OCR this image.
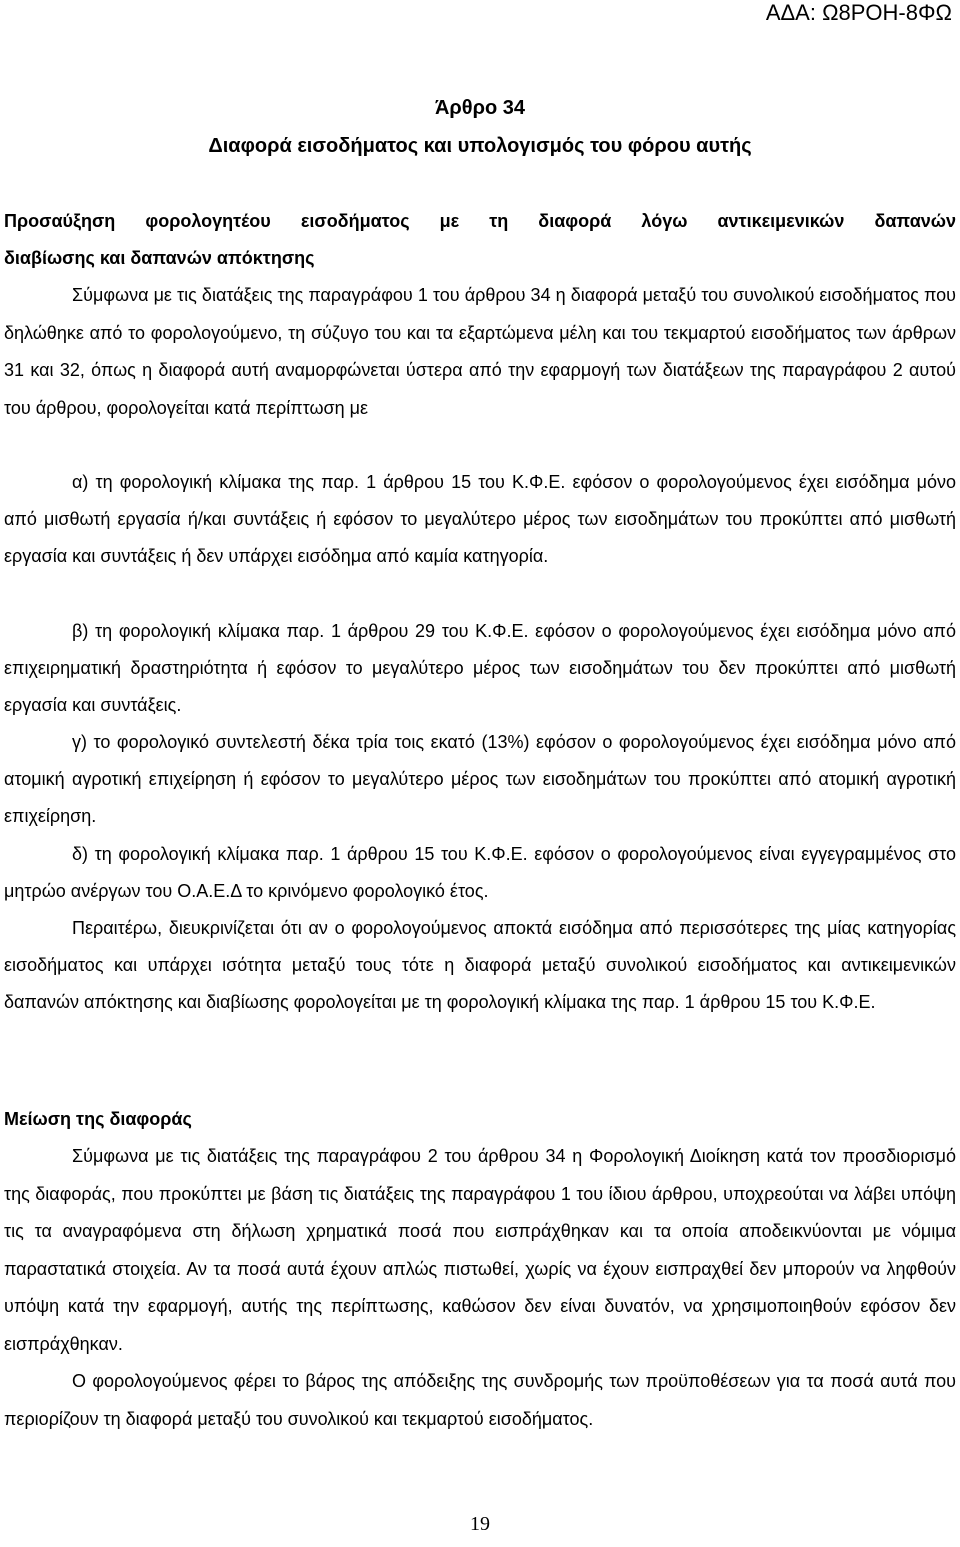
ΑΔΑ: Ω8ΡΟΗ-8ΦΩ
Άρθρο 34
Διαφορά εισοδήματος και υπολογισμός του φόρου αυτής
Προσαύξηση φορολογητέου εισοδήματος με τη διαφορά λόγω αντικειμενικών δαπανών
διαβίωσης και δαπανών απόκτησης

Σύμφωνα με τις διατάξεις της παραγράφου 1 του άρθρου 34 η διαφορά μεταξύ του συνολικού εισοδήματος που δηλώθηκε από το φορολογούμενο, τη σύζυγο του και τα εξαρτώμενα μέλη και του τεκμαρτού εισοδήματος των άρθρων 31 και 32, όπως η διαφορά αυτή αναμορφώνεται ύστερα από την εφαρμογή των διατάξεων της παραγράφου 2 αυτού του άρθρου, φορολογείται κατά περίπτωση με

α) τη φορολογική κλίμακα της παρ. 1 άρθρου 15 του Κ.Φ.Ε. εφόσον ο φορολογούμενος έχει εισόδημα μόνο από μισθωτή εργασία ή/και συντάξεις ή εφόσον το μεγαλύτερο μέρος των εισοδημάτων του προκύπτει από μισθωτή εργασία και συντάξεις ή δεν υπάρχει εισόδημα από καμία κατηγορία.

β) τη φορολογική κλίμακα παρ. 1 άρθρου 29 του Κ.Φ.Ε. εφόσον ο φορολογούμενος έχει εισόδημα μόνο από επιχειρηματική δραστηριότητα ή εφόσον το μεγαλύτερο μέρος των εισοδημάτων του δεν προκύπτει από μισθωτή εργασία και συντάξεις.

γ) το φορολογικό συντελεστή δέκα τρία τοις εκατό (13%) εφόσον ο φορολογούμενος έχει εισόδημα μόνο από ατομική αγροτική επιχείρηση ή εφόσον το μεγαλύτερο μέρος των εισοδημάτων του προκύπτει από ατομική αγροτική επιχείρηση.

δ) τη φορολογική κλίμακα παρ. 1 άρθρου 15 του Κ.Φ.Ε. εφόσον ο φορολογούμενος είναι εγγεγραμμένος στο μητρώο ανέργων του Ο.Α.Ε.Δ το κρινόμενο φορολογικό έτος.

Περαιτέρω, διευκρινίζεται ότι αν ο φορολογούμενος αποκτά εισόδημα από περισσότερες της μίας κατηγορίας εισοδήματος και υπάρχει ισότητα μεταξύ τους τότε η διαφορά μεταξύ συνολικού εισοδήματος και αντικειμενικών δαπανών απόκτησης και διαβίωσης φορολογείται με τη φορολογική κλίμακα της παρ. 1 άρθρου 15 του Κ.Φ.Ε.

Μείωση της διαφοράς

Σύμφωνα με τις διατάξεις της παραγράφου 2 του άρθρου 34 η Φορολογική Διοίκηση κατά τον προσδιορισμό της διαφοράς, που προκύπτει με βάση τις διατάξεις της παραγράφου 1 του ίδιου άρθρου, υποχρεούται να λάβει υπόψη τις τα αναγραφόμενα στη δήλωση χρηματικά ποσά που εισπράχθηκαν και τα οποία αποδεικνύονται με νόμιμα παραστατικά στοιχεία. Αν τα ποσά αυτά έχουν απλώς πιστωθεί, χωρίς να έχουν εισπραχθεί δεν μπορούν να ληφθούν υπόψη κατά την εφαρμογή, αυτής της περίπτωσης, καθώσον δεν είναι δυνατόν, να χρησιμοποιηθούν εφόσον δεν εισπράχθηκαν.

Ο φορολογούμενος φέρει το βάρος της απόδειξης της συνδρομής των προϋποθέσεων για τα ποσά αυτά που περιορίζουν τη διαφορά μεταξύ του συνολικού και τεκμαρτού εισοδήματος.

19
